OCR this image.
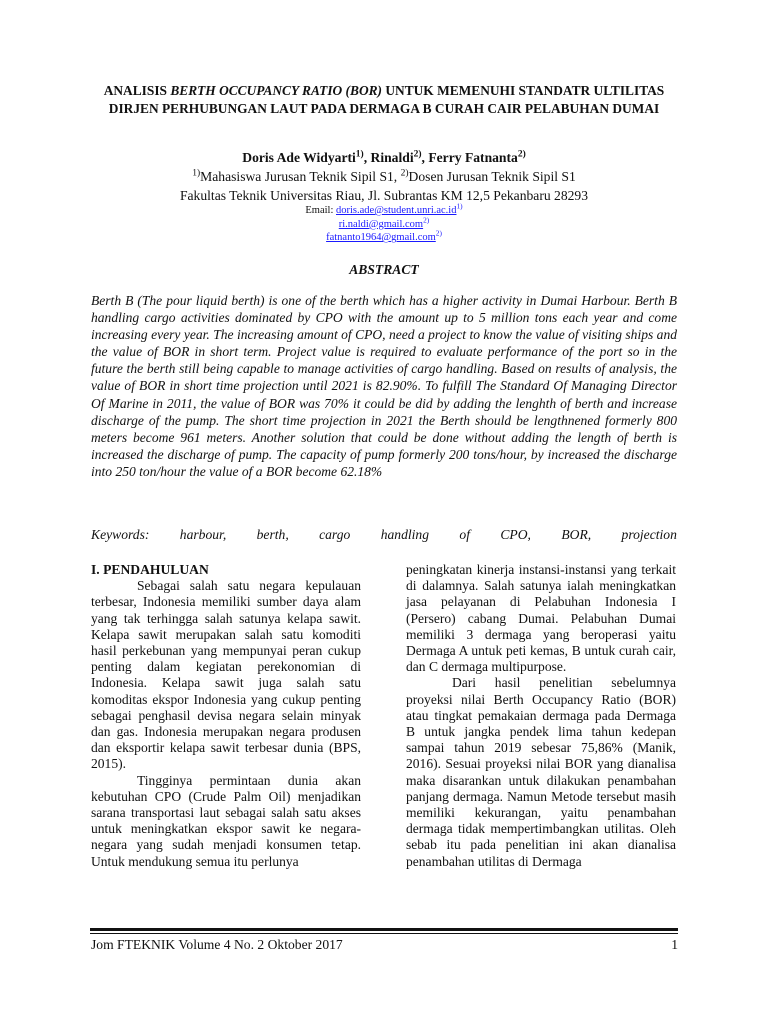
ANALISIS BERTH OCCUPANCY RATIO (BOR) UNTUK MEMENUHI STANDATR ULTILITAS DIRJEN PERHUBUNGAN LAUT PADA DERMAGA B CURAH CAIR PELABUHAN DUMAI
Doris Ade Widyarti$^{1)}$, Rinaldi$^{2)}$, Ferry Fatnanta$^{2)}$
$^{1)}$Mahasiswa Jurusan Teknik Sipil S1, $^{2)}$Dosen Jurusan Teknik Sipil S1
Fakultas Teknik Universitas Riau, Jl. Subrantas KM 12,5 Pekanbaru 28293
Email: $doris.ade@student.unri.ac.id^{1)}$
ri.naldi@gmail.com$^{2)}$
fatnanto1964@gmail.com$^{2)}$
ABSTRACT

Berth B (The pour liquid berth) is one of the berth which has a higher activity in Dumai Harbour. Berth B handling cargo activities dominated by CPO with the amount up to 5 million tons each year and come increasing every year. The increasing amount of CPO, need a project to know the value of visiting ships and the value of BOR in short term. Project value is required to evaluate performance of the port so in the future the berth still being capable to manage activities of cargo handling. Based on results of analysis, the value of BOR in short time projection until 2021 is 82.90%. To fulfill The Standard Of Managing Director Of Marine in 2011, the value of BOR was 70% it could be did by adding the lenghth of berth and increase discharge of the pump. The short time projection in 2021 the Berth should be lengthnened formerly 800 meters become 961 meters. Another solution that could be done without adding the length of berth is increased the discharge of pump. The capacity of pump formerly 200 tons/hour, by increased the discharge into 250 ton/hour the value of a BOR become 62.18%

Keywords: harbour, berth, cargo handling of CPO, BOR, projection

I. PENDAHULUAN

Sebagai salah satu negara kepulauan terbesar, Indonesia memiliki sumber daya alam yang tak terhingga salah satunya kelapa sawit. Kelapa sawit merupakan salah satu komoditi hasil perkebunan yang mempunyai peran cukup penting dalam kegiatan perekonomian di Indonesia. Kelapa sawit juga salah satu komoditas ekspor Indonesia yang cukup penting sebagai penghasil devisa negara selain minyak dan gas. Indonesia merupakan negara produsen dan eksportir kelapa sawit terbesar dunia (BPS, 2015).

Tingginya permintaan dunia akan kebutuhan CPO (Crude Palm Oil) menjadikan sarana transportasi laut sebagai salah satu akses untuk meningkatkan ekspor sawit ke negara-negara yang sudah menjadi konsumen tetap. Untuk mendukung semua itu perlunya

peningkatan kinerja instansi-instansi yang terkait di dalamnya. Salah satunya ialah meningkatkan jasa pelayanan di Pelabuhan Indonesia I (Persero) cabang Dumai. Pelabuhan Dumai memiliki 3 dermaga yang beroperasi yaitu Dermaga A untuk peti kemas, B untuk curah cair, dan C dermaga multipurpose.

Dari hasil penelitian sebelumnya proyeksi nilai Berth Occupancy Ratio (BOR) atau tingkat pemakaian dermaga pada Dermaga B untuk jangka pendek lima tahun kedepan sampai tahun 2019 sebesar 75,86% (Manik, 2016). Sesuai proyeksi nilai BOR yang dianalisa maka disarankan untuk dilakukan penambahan panjang dermaga. Namun Metode tersebut masih memiliki kekurangan, yaitu penambahan dermaga tidak mempertimbangkan utilitas. Oleh sebab itu pada penelitian ini akan dianalisa penambahan utilitas di Dermaga

Jom FTEKNIK Volume 4 No. 2 Oktober 2017	1
